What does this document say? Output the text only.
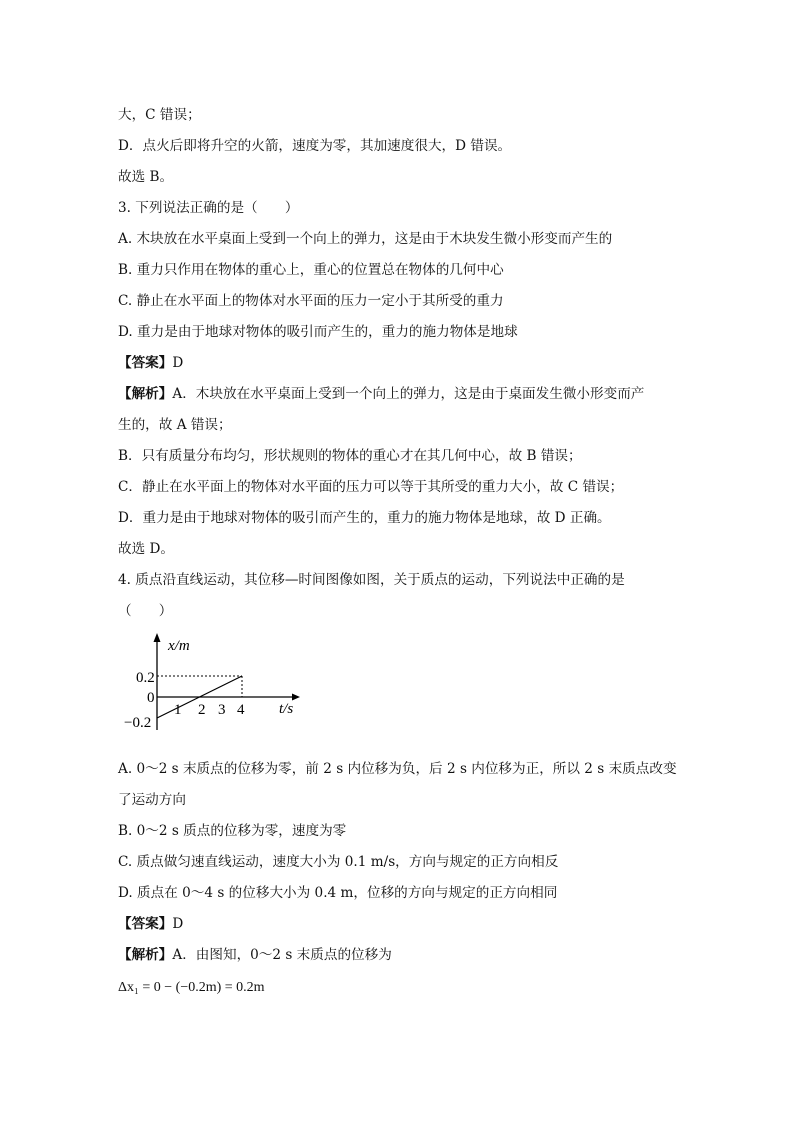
大，C 错误；
D．点火后即将升空的火箭，速度为零，其加速度很大，D 错误。
故选 B。
3. 下列说法正确的是（　　）
A. 木块放在水平桌面上受到一个向上的弹力，这是由于木块发生微小形变而产生的
B. 重力只作用在物体的重心上，重心的位置总在物体的几何中心
C. 静止在水平面上的物体对水平面的压力一定小于其所受的重力
D. 重力是由于地球对物体的吸引而产生的，重力的施力物体是地球
【答案】D
【解析】A．木块放在水平桌面上受到一个向上的弹力，这是由于桌面发生微小形变而产
生的，故 A 错误；
B．只有质量分布均匀，形状规则的物体的重心才在其几何中心，故 B 错误；
C．静止在水平面上的物体对水平面的压力可以等于其所受的重力大小，故 C 错误；
D．重力是由于地球对物体的吸引而产生的，重力的施力物体是地球，故 D 正确。
故选 D。
4. 质点沿直线运动，其位移—时间图像如图，关于质点的运动，下列说法中正确的是
（　　）
A. 0～2 s 末质点的位移为零，前 2 s 内位移为负，后 2 s 内位移为正，所以 2 s 末质点改变
了运动方向
B. 0～2 s 质点的位移为零，速度为零
C. 质点做匀速直线运动，速度大小为 0.1 m/s，方向与规定的正方向相反
D. 质点在 0～4 s 的位移大小为 0.4 m，位移的方向与规定的正方向相同
【答案】D
【解析】A．由图知，0～2 s 末质点的位移为
x/m
t/s
0.2
0
−0.2
1 2 3 4
Δx₁ = 0 − (−0.2m) = 0.2m
